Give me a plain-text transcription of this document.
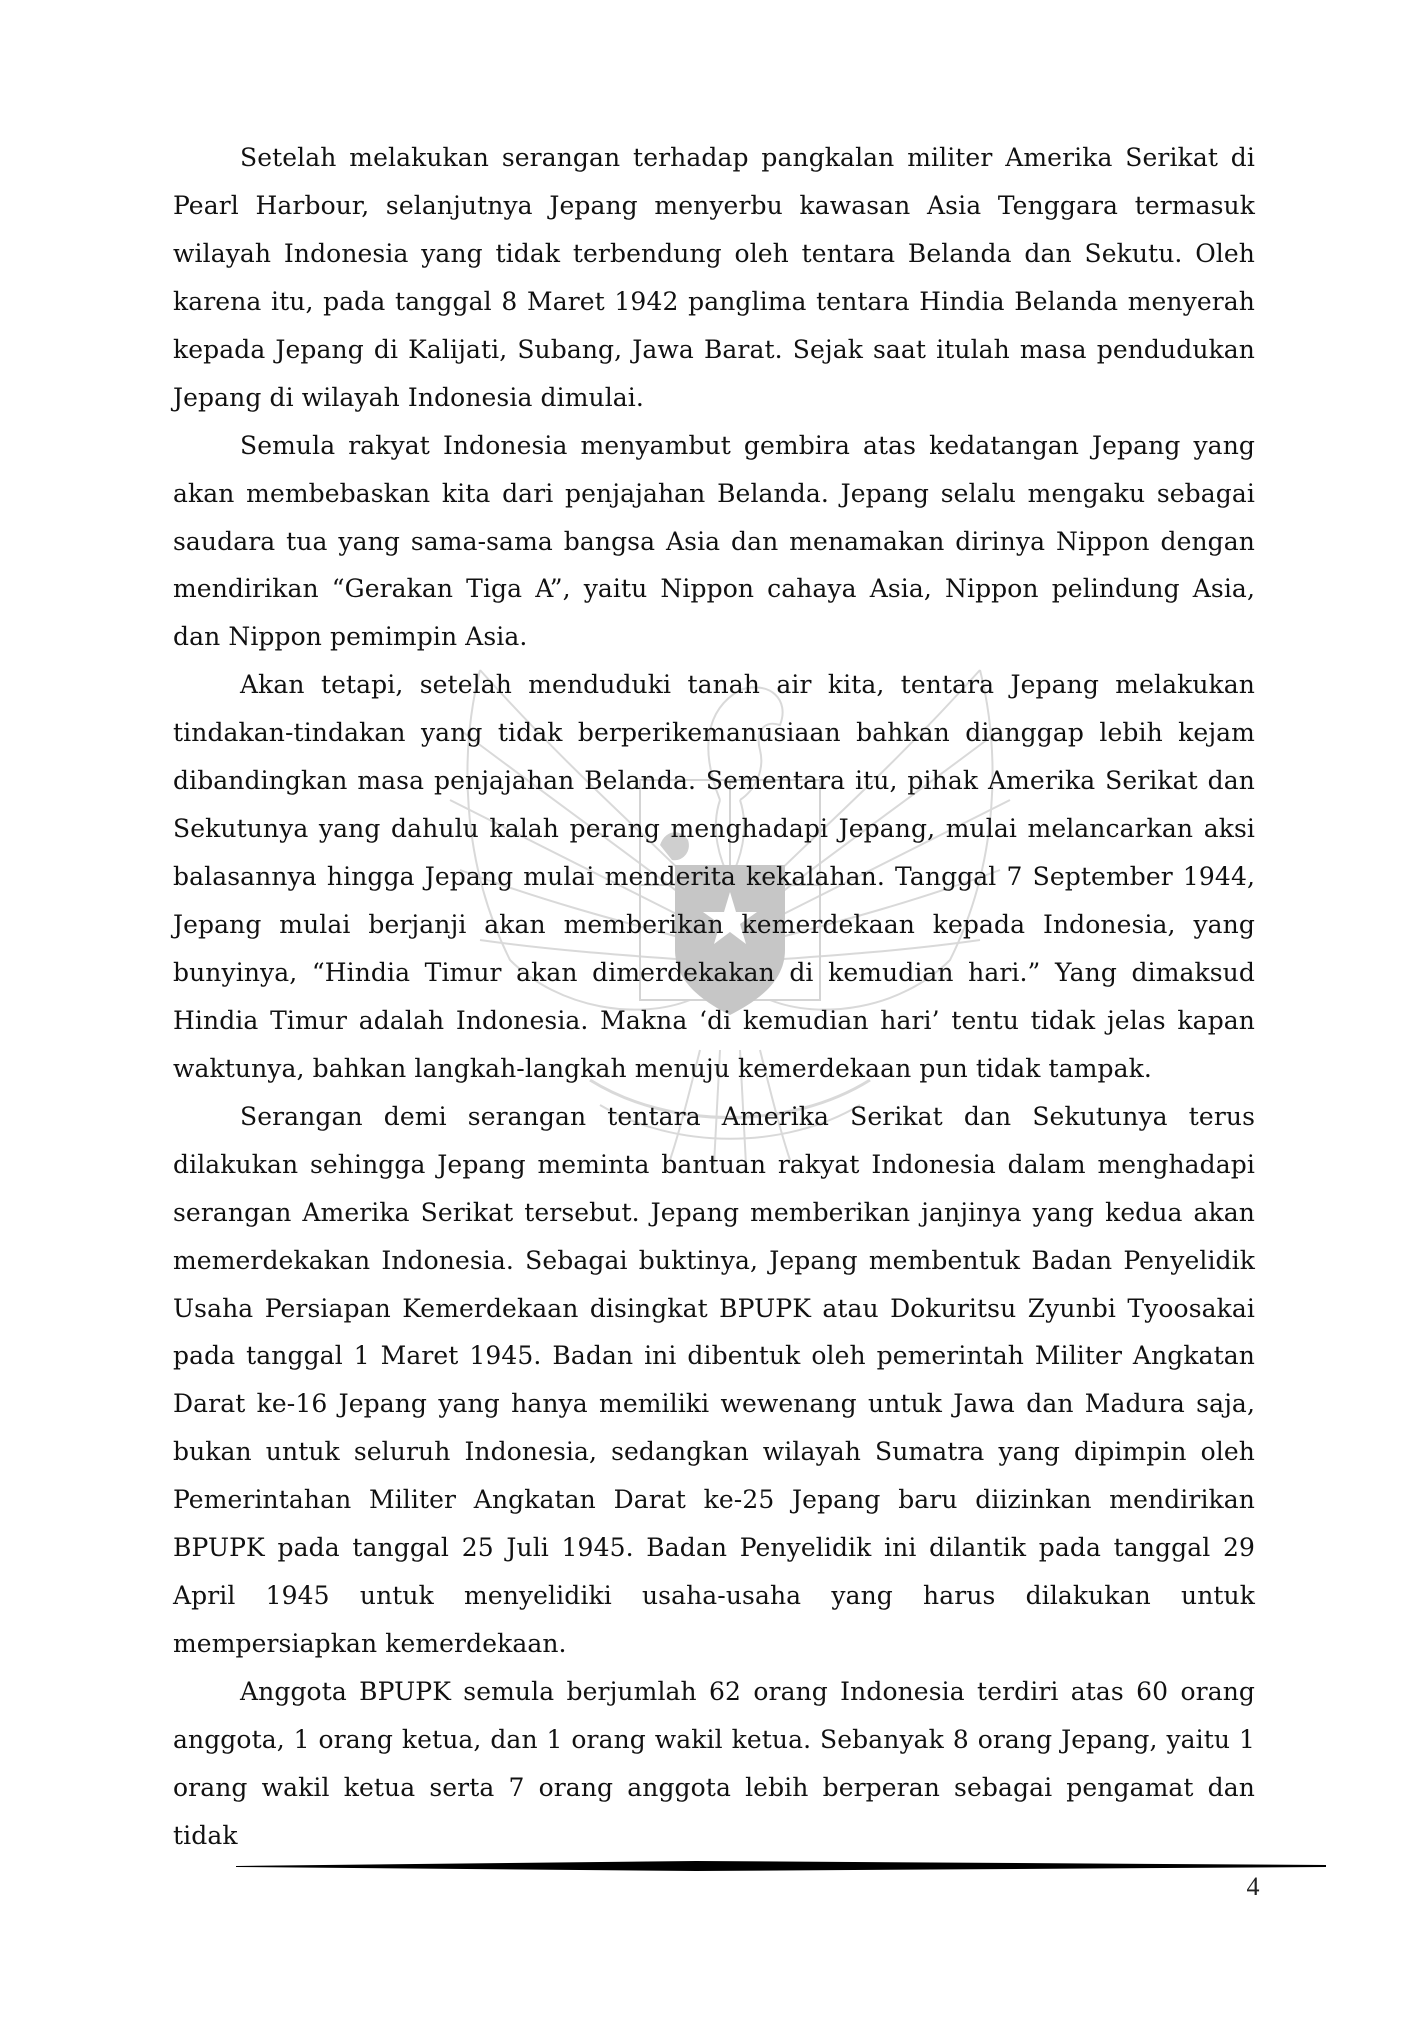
Setelah melakukan serangan terhadap pangkalan militer Amerika Serikat di Pearl Harbour, selanjutnya Jepang menyerbu kawasan Asia Tenggara termasuk wilayah Indonesia yang tidak terbendung oleh tentara Belanda dan Sekutu. Oleh karena itu, pada tanggal 8 Maret 1942 panglima tentara Hindia Belanda menyerah kepada Jepang di Kalijati, Subang, Jawa Barat. Sejak saat itulah masa pendudukan Jepang di wilayah Indonesia dimulai.

Semula rakyat Indonesia menyambut gembira atas kedatangan Jepang yang akan membebaskan kita dari penjajahan Belanda. Jepang selalu mengaku sebagai saudara tua yang sama-sama bangsa Asia dan menamakan dirinya Nippon dengan mendirikan “Gerakan Tiga A”, yaitu Nippon cahaya Asia, Nippon pelindung Asia, dan Nippon pemimpin Asia.

Akan tetapi, setelah menduduki tanah air kita, tentara Jepang melakukan tindakan-tindakan yang tidak berperikemanusiaan bahkan dianggap lebih kejam dibandingkan masa penjajahan Belanda. Sementara itu, pihak Amerika Serikat dan Sekutunya yang dahulu kalah perang menghadapi Jepang, mulai melancarkan aksi balasannya hingga Jepang mulai menderita kekalahan. Tanggal 7 September 1944, Jepang mulai berjanji akan memberikan kemerdekaan kepada Indonesia, yang bunyinya, “Hindia Timur akan dimerdekakan di kemudian hari.” Yang dimaksud Hindia Timur adalah Indonesia. Makna ‘di kemudian hari’ tentu tidak jelas kapan waktunya, bahkan langkah-langkah menuju kemerdekaan pun tidak tampak.

Serangan demi serangan tentara Amerika Serikat dan Sekutunya terus dilakukan sehingga Jepang meminta bantuan rakyat Indonesia dalam menghadapi serangan Amerika Serikat tersebut. Jepang memberikan janjinya yang kedua akan memerdekakan Indonesia. Sebagai buktinya, Jepang membentuk Badan Penyelidik Usaha Persiapan Kemerdekaan disingkat BPUPK atau Dokuritsu Zyunbi Tyoosakai pada tanggal 1 Maret 1945. Badan ini dibentuk oleh pemerintah Militer Angkatan Darat ke-16 Jepang yang hanya memiliki wewenang untuk Jawa dan Madura saja, bukan untuk seluruh Indonesia, sedangkan wilayah Sumatra yang dipimpin oleh Pemerintahan Militer Angkatan Darat ke-25 Jepang baru diizinkan mendirikan BPUPK pada tanggal 25 Juli 1945. Badan Penyelidik ini dilantik pada tanggal 29 April 1945 untuk menyelidiki usaha-usaha yang harus dilakukan untuk mempersiapkan kemerdekaan.

Anggota BPUPK semula berjumlah 62 orang Indonesia terdiri atas 60 orang anggota, 1 orang ketua, dan 1 orang wakil ketua. Sebanyak 8 orang Jepang, yaitu 1 orang wakil ketua serta 7 orang anggota lebih berperan sebagai pengamat dan tidak

4
